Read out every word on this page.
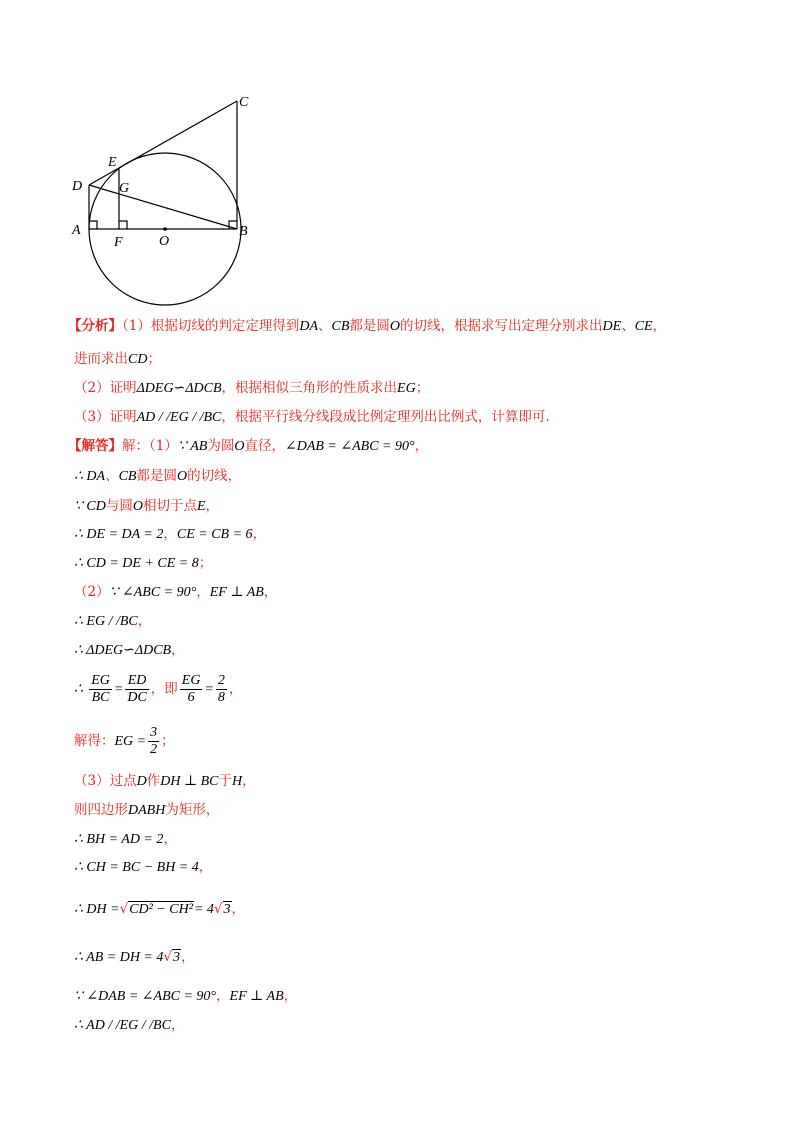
C
E
D	G
A
F	O
B
【分析】（1）根据切线的判定定理得到DA、CB都是圆O的切线，根据求写出定理分别求出DE、CE，
进而求出CD；
（2）证明ΔDEG∽ΔDCB，根据相似三角形的性质求出EG；
（3）证明AD / /EG / /BC，根据平行线分线段成比例定理列出比例式，计算即可.
【解答】解：（1）∵ AB为圆O直径，∠DAB = ∠ABC = 90°，
∴ DA、CB都是圆O的切线，
∵ CD与圆O相切于点E，
∴ DE = DA = 2，CE = CB = 6，
∴ CD = DE + CE = 8；
（2）∵ ∠ABC = 90°，EF ⊥ AB，
∴ EG / /BC，
∴ ΔDEG∽ΔDCB，
∴ $\frac{EG}{BC} = \frac{ED}{DC}$ ，即 $\frac{EG}{6} = \frac{2}{8}$ ，
解得：EG = $\frac{3}{2}$ ；
（3）过点D作DH ⊥ BC于H，
则四边形DABH为矩形，
∴ BH = AD = 2，
∴ CH = BC − BH = 4，
∴ DH =√CD² − CH²= 4√3，
∴ AB = DH = 4√3，
∵ ∠DAB = ∠ABC = 90°，EF ⊥ AB，
∴ AD / /EG / /BC，
